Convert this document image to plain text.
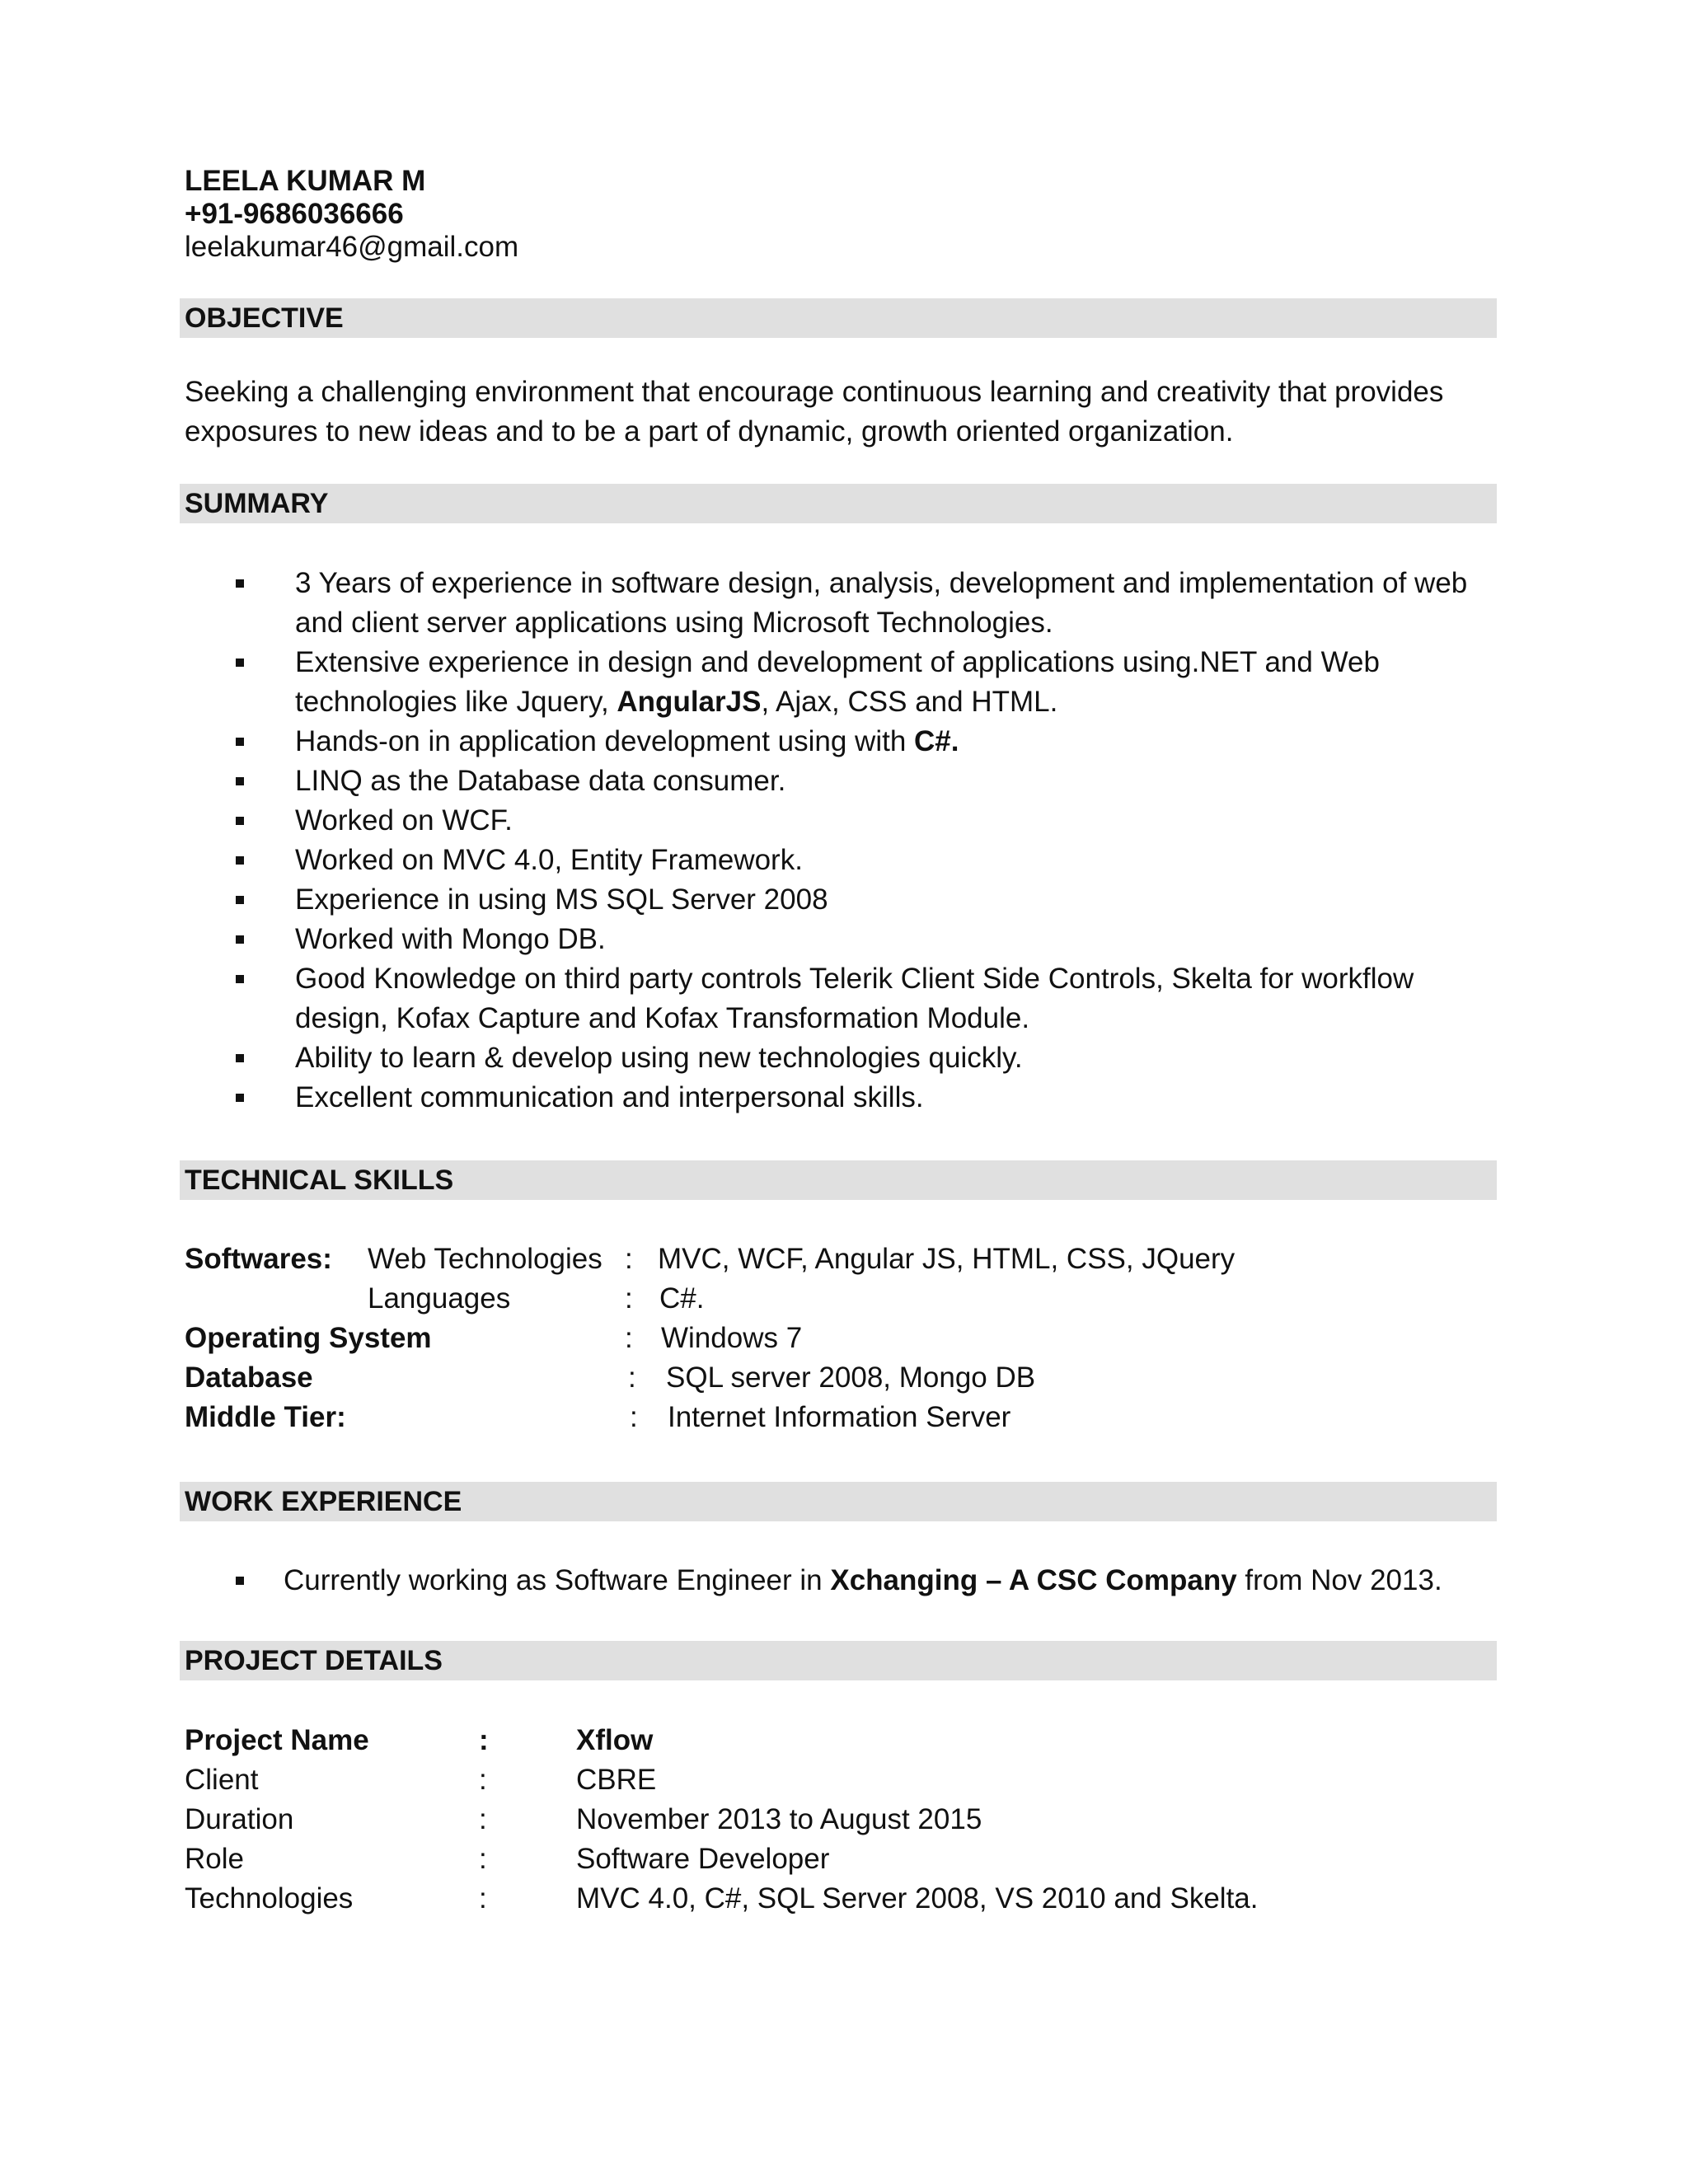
LEELA KUMAR M
+91-9686036666
leelakumar46@gmail.com
OBJECTIVE
Seeking a challenging environment that encourage continuous learning and creativity that provides
exposures to new ideas and to be a part of dynamic, growth oriented organization.
SUMMARY
3 Years of experience in software design, analysis, development and implementation of web and client server applications using Microsoft Technologies.
Extensive experience in design and development of applications using.NET and Web technologies like Jquery, AngularJS, Ajax, CSS and HTML.
Hands-on in application development using with C#.
LINQ as the Database data consumer.
Worked on WCF.
Worked on MVC 4.0, Entity Framework.
Experience in using MS SQL Server 2008
Worked with Mongo DB.
Good Knowledge on third party controls Telerik Client Side Controls, Skelta for workflow design, Kofax Capture and Kofax Transformation Module.
Ability to learn & develop using new technologies quickly.
Excellent communication and interpersonal skills.
TECHNICAL SKILLS
Softwares: Web Technologies : MVC, WCF, Angular JS, HTML, CSS, JQuery
Languages	: C#.
Operating System	: Windows 7
Database	: SQL server 2008, Mongo DB
Middle Tier:	: Internet Information Server
WORK EXPERIENCE
Currently working as Software Engineer in Xchanging – A CSC Company from Nov 2013.
PROJECT DETAILS
Project Name	:	Xflow
Client	:	CBRE
Duration	:	November 2013 to August 2015
Role	:	Software Developer
Technologies	:	MVC 4.0, C#, SQL Server 2008, VS 2010 and Skelta.
